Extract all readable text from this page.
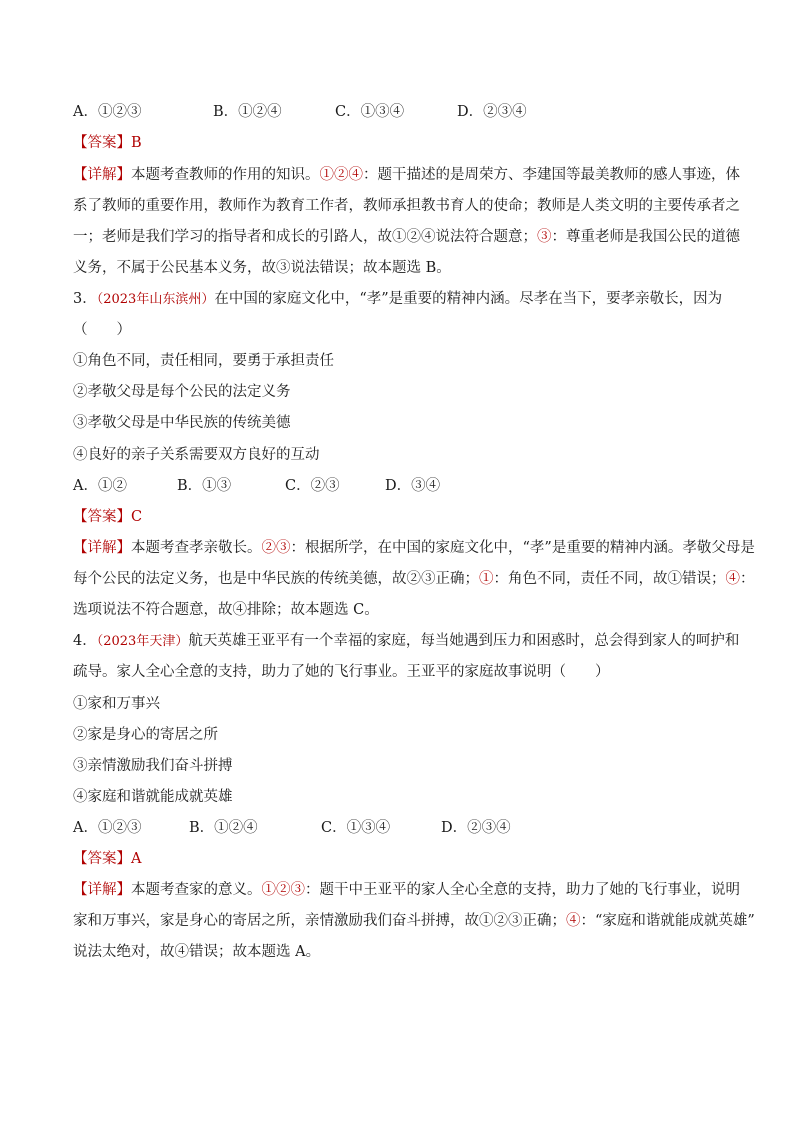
A．①②③	B．①②④	C．①③④	D．②③④
【答案】B
【详解】本题考查教师的作用的知识。①②④：题干描述的是周荣方、李建国等最美教师的感人事迹，体
系了教师的重要作用，教师作为教育工作者，教师承担教书育人的使命；教师是人类文明的主要传承者之
一；老师是我们学习的指导者和成长的引路人，故①②④说法符合题意；③：尊重老师是我国公民的道德
义务，不属于公民基本义务，故③说法错误；故本题选 B。
3．（2023年山东滨州）在中国的家庭文化中，“孝”是重要的精神内涵。尽孝在当下，要孝亲敬长，因为
（　　）
①角色不同，责任相同，要勇于承担责任
②孝敬父母是每个公民的法定义务
③孝敬父母是中华民族的传统美德
④良好的亲子关系需要双方良好的互动
A．①②	B．①③	C．②③	D．③④
【答案】C
【详解】本题考查孝亲敬长。②③：根据所学，在中国的家庭文化中，“孝”是重要的精神内涵。孝敬父母是
每个公民的法定义务，也是中华民族的传统美德，故②③正确；①：角色不同，责任不同，故①错误；④：
选项说法不符合题意，故④排除；故本题选 C。
4．（2023年天津）航天英雄王亚平有一个幸福的家庭，每当她遇到压力和困惑时，总会得到家人的呵护和
疏导。家人全心全意的支持，助力了她的飞行事业。王亚平的家庭故事说明（　　）
①家和万事兴
②家是身心的寄居之所
③亲情激励我们奋斗拼搏
④家庭和谐就能成就英雄
A．①②③	B．①②④	C．①③④	D．②③④
【答案】A
【详解】本题考查家的意义。①②③：题干中王亚平的家人全心全意的支持，助力了她的飞行事业，说明
家和万事兴，家是身心的寄居之所，亲情激励我们奋斗拼搏，故①②③正确；④：“家庭和谐就能成就英雄”
说法太绝对，故④错误；故本题选 A。
